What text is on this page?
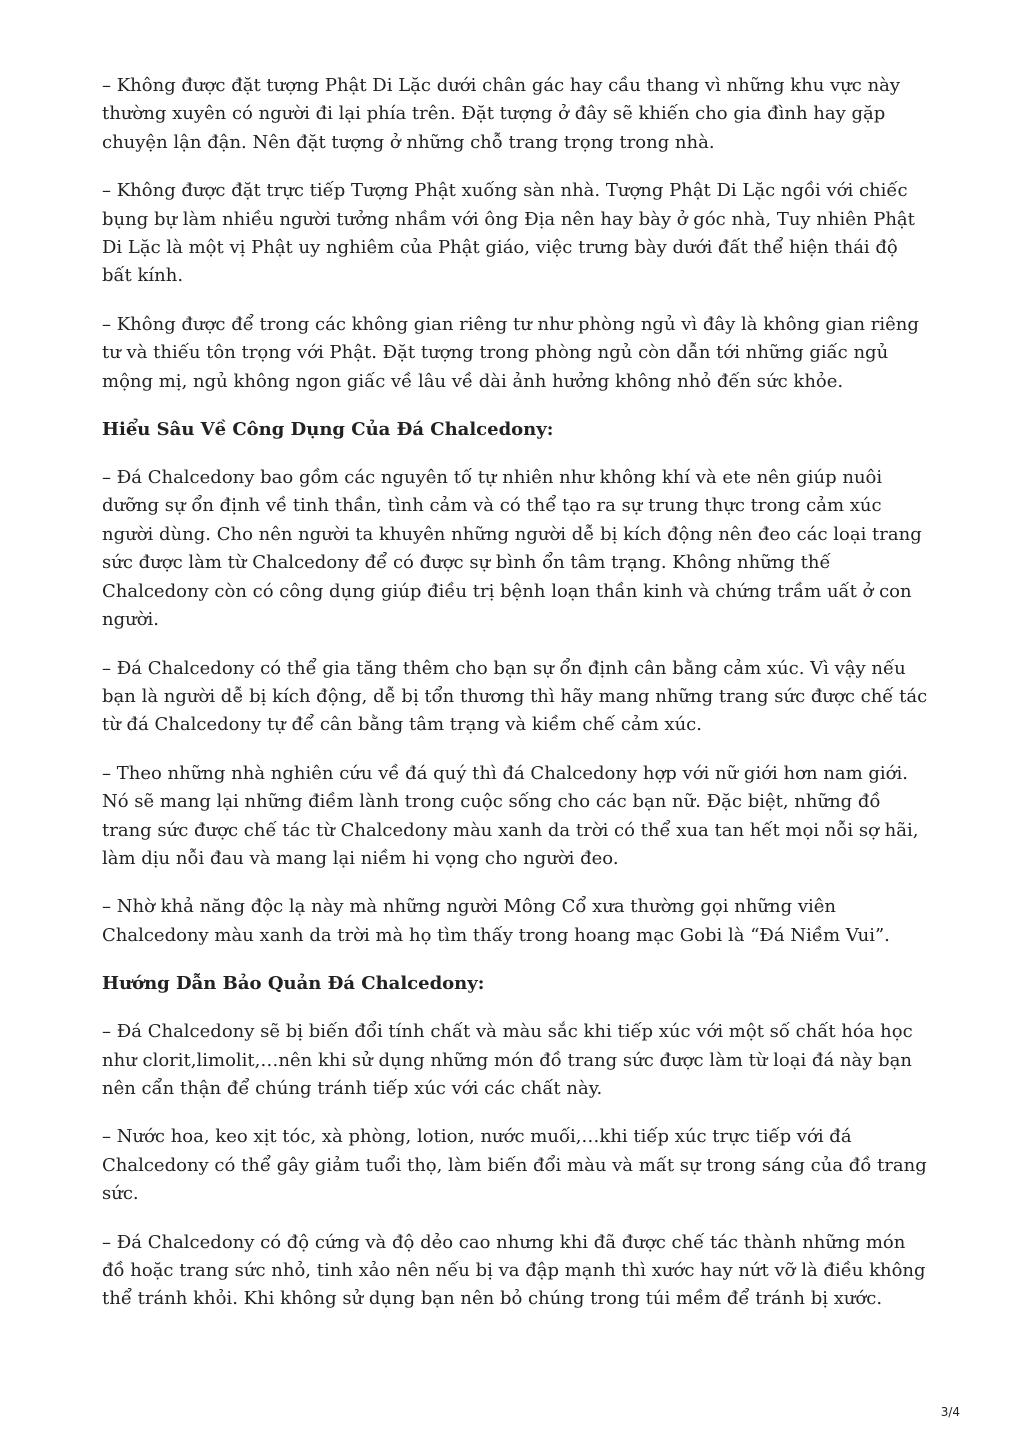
– Không được đặt tượng Phật Di Lặc dưới chân gác hay cầu thang vì những khu vực này thường xuyên có người đi lại phía trên. Đặt tượng ở đây sẽ khiến cho gia đình hay gặp chuyện lận đận. Nên đặt tượng ở những chỗ trang trọng trong nhà.

– Không được đặt trực tiếp Tượng Phật xuống sàn nhà. Tượng Phật Di Lặc ngồi với chiếc bụng bự làm nhiều người tưởng nhầm với ông Địa nên hay bày ở góc nhà, Tuy nhiên Phật Di Lặc là một vị Phật uy nghiêm của Phật giáo, việc trưng bày dưới đất thể hiện thái độ bất kính.

– Không được để trong các không gian riêng tư như phòng ngủ vì đây là không gian riêng tư và thiếu tôn trọng với Phật. Đặt tượng trong phòng ngủ còn dẫn tới những giấc ngủ mộng mị, ngủ không ngon giấc về lâu về dài ảnh hưởng không nhỏ đến sức khỏe.

Hiểu Sâu Về Công Dụng Của Đá Chalcedony:

– Đá Chalcedony bao gồm các nguyên tố tự nhiên như không khí và ete nên giúp nuôi dưỡng sự ổn định về tinh thần, tình cảm và có thể tạo ra sự trung thực trong cảm xúc người dùng. Cho nên người ta khuyên những người dễ bị kích động nên đeo các loại trang sức được làm từ Chalcedony để có được sự bình ổn tâm trạng. Không những thế Chalcedony còn có công dụng giúp điều trị bệnh loạn thần kinh và chứng trầm uất ở con người.

– Đá Chalcedony có thể gia tăng thêm cho bạn sự ổn định cân bằng cảm xúc. Vì vậy nếu bạn là người dễ bị kích động, dễ bị tổn thương thì hãy mang những trang sức được chế tác từ đá Chalcedony tự để cân bằng tâm trạng và kiềm chế cảm xúc.

– Theo những nhà nghiên cứu về đá quý thì đá Chalcedony hợp với nữ giới hơn nam giới. Nó sẽ mang lại những điềm lành trong cuộc sống cho các bạn nữ. Đặc biệt, những đồ trang sức được chế tác từ Chalcedony màu xanh da trời có thể xua tan hết mọi nỗi sợ hãi, làm dịu nỗi đau và mang lại niềm hi vọng cho người đeo.

– Nhờ khả năng độc lạ này mà những người Mông Cổ xưa thường gọi những viên Chalcedony màu xanh da trời mà họ tìm thấy trong hoang mạc Gobi là “Đá Niềm Vui”.

Hướng Dẫn Bảo Quản Đá Chalcedony:

– Đá Chalcedony sẽ bị biến đổi tính chất và màu sắc khi tiếp xúc với một số chất hóa học như clorit,limolit,…nên khi sử dụng những món đồ trang sức được làm từ loại đá này bạn nên cẩn thận để chúng tránh tiếp xúc với các chất này.

– Nước hoa, keo xịt tóc, xà phòng, lotion, nước muối,…khi tiếp xúc trực tiếp với đá Chalcedony có thể gây giảm tuổi thọ, làm biến đổi màu và mất sự trong sáng của đồ trang sức.

– Đá Chalcedony có độ cứng và độ dẻo cao nhưng khi đã được chế tác thành những món đồ hoặc trang sức nhỏ, tinh xảo nên nếu bị va đập mạnh thì xước hay nứt vỡ là điều không thể tránh khỏi. Khi không sử dụng bạn nên bỏ chúng trong túi mềm để tránh bị xước.

3/4
